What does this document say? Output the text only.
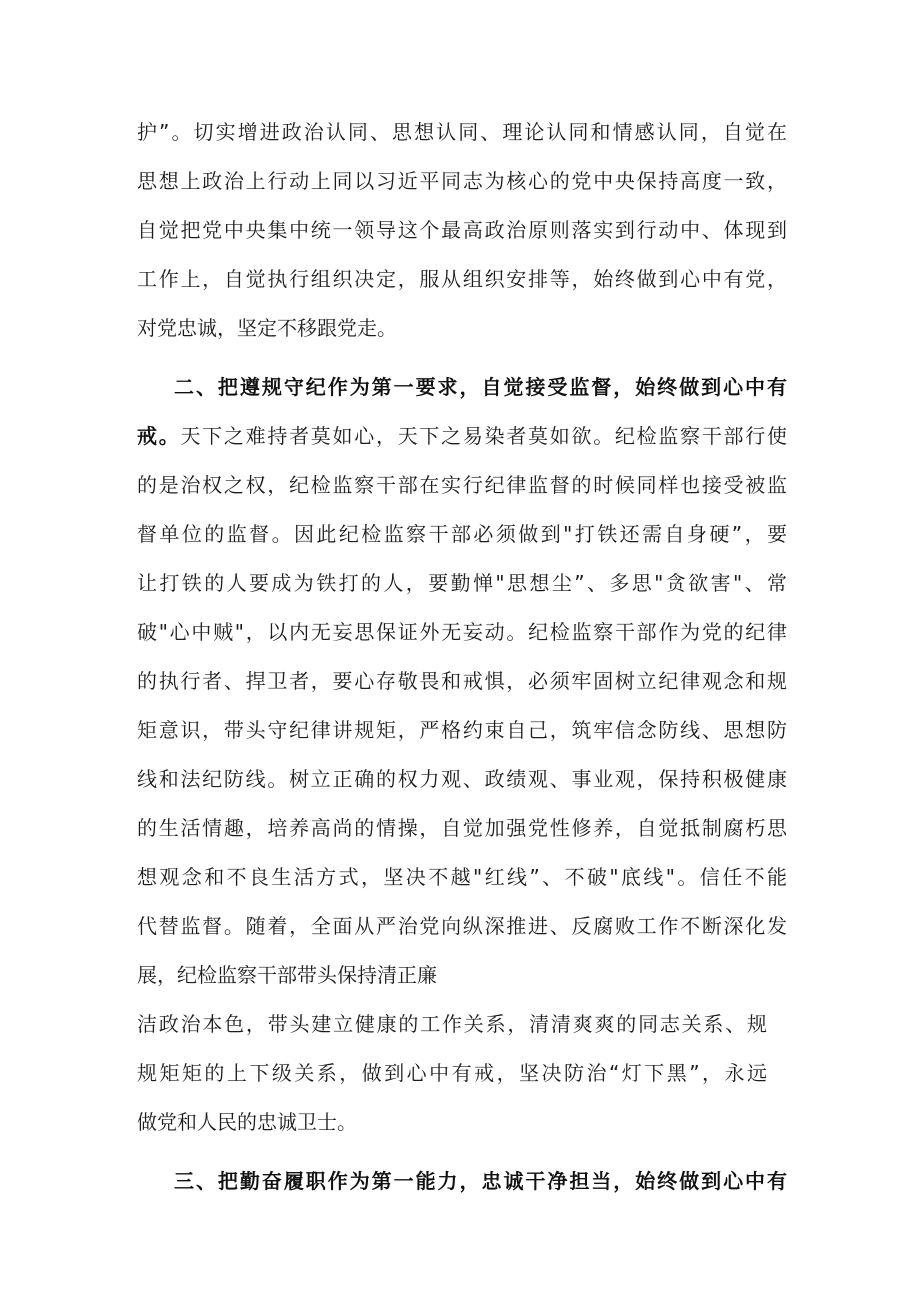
护”。切实增进政治认同、思想认同、理论认同和情感认同，自觉在
思想上政治上行动上同以习近平同志为核心的党中央保持高度一致，
自觉把党中央集中统一领导这个最高政治原则落实到行动中、体现到
工作上，自觉执行组织决定，服从组织安排等，始终做到心中有党，
对党忠诚，坚定不移跟党走。
二、把遵规守纪作为第一要求，自觉接受监督，始终做到心中有
戒。天下之难持者莫如心，天下之易染者莫如欲。纪检监察干部行使
的是治权之权，纪检监察干部在实行纪律监督的时候同样也接受被监
督单位的监督。因此纪检监察干部必须做到"打铁还需自身硬”，要
让打铁的人要成为铁打的人，要勤惮"思想尘”、多思"贪欲害"、常
破"心中贼"，以内无妄思保证外无妄动。纪检监察干部作为党的纪律
的执行者、捍卫者，要心存敬畏和戒惧，必须牢固树立纪律观念和规
矩意识，带头守纪律讲规矩，严格约束自己，筑牢信念防线、思想防
线和法纪防线。树立正确的权力观、政绩观、事业观，保持积极健康
的生活情趣，培养高尚的情操，自觉加强党性修养，自觉抵制腐朽思
想观念和不良生活方式，坚决不越"红线”、不破"底线"。信任不能
代替监督。随着，全面从严治党向纵深推进、反腐败工作不断深化发
展，纪检监察干部带头保持清正廉
洁政治本色，带头建立健康的工作关系，清清爽爽的同志关系、规
规矩矩的上下级关系，做到心中有戒，坚决防治“灯下黑”，永远
做党和人民的忠诚卫士。
三、把勤奋履职作为第一能力，忠诚干净担当，始终做到心中有
